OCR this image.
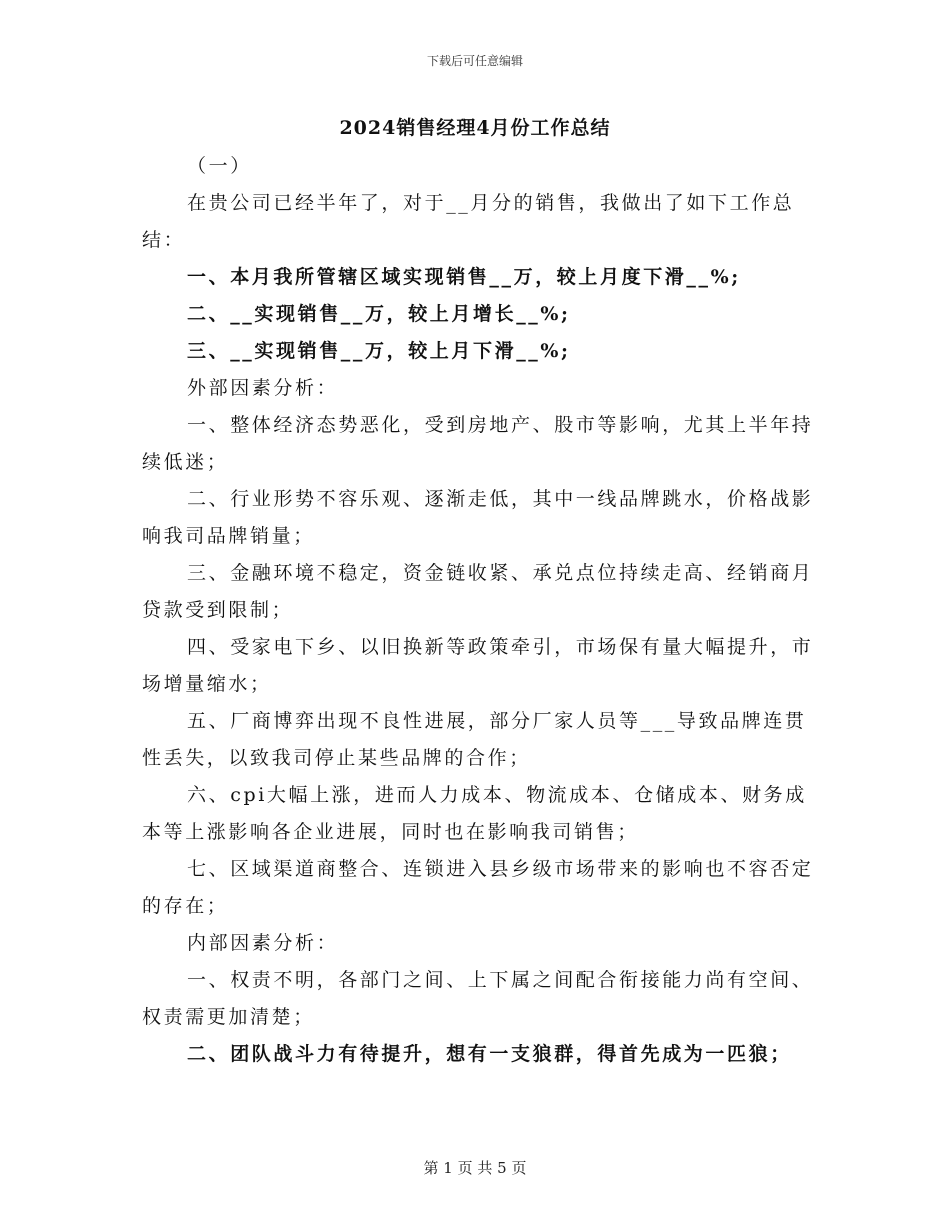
下载后可任意编辑
2024销售经理4月份工作总结

（一）

在贵公司已经半年了，对于__月分的销售，我做出了如下工作总结：

一、本月我所管辖区域实现销售__万，较上月度下滑__%;

二、__实现销售__万，较上月增长__%;

三、__实现销售__万，较上月下滑__%;

外部因素分析：

一、整体经济态势恶化，受到房地产、股市等影响，尤其上半年持续低迷；

二、行业形势不容乐观、逐渐走低，其中一线品牌跳水，价格战影响我司品牌销量；

三、金融环境不稳定，资金链收紧、承兑点位持续走高、经销商月贷款受到限制；

四、受家电下乡、以旧换新等政策牵引，市场保有量大幅提升，市场增量缩水；

五、厂商博弈出现不良性进展，部分厂家人员等___导致品牌连贯性丢失，以致我司停止某些品牌的合作；

六、cpi大幅上涨，进而人力成本、物流成本、仓储成本、财务成本等上涨影响各企业进展，同时也在影响我司销售；

七、区域渠道商整合、连锁进入县乡级市场带来的影响也不容否定的存在；

内部因素分析：

一、权责不明，各部门之间、上下属之间配合衔接能力尚有空间、权责需更加清楚；

二、团队战斗力有待提升，想有一支狼群，得首先成为一匹狼；

第 1 页 共 5 页
